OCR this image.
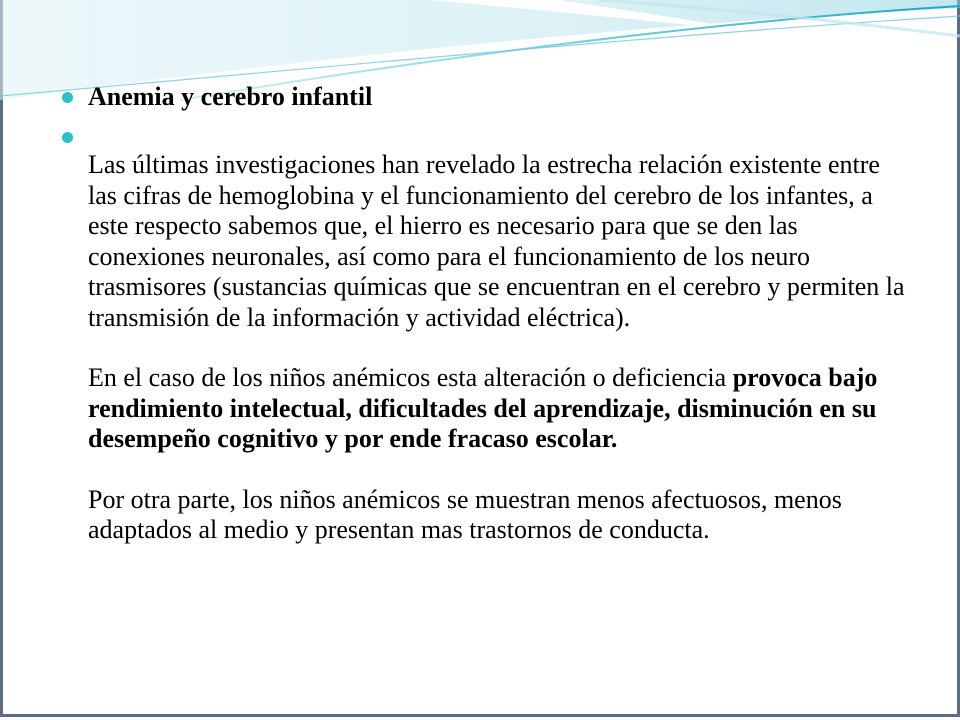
Anemia y cerebro infantil

Las últimas investigaciones han revelado la estrecha relación existente entre las cifras de hemoglobina y el funcionamiento del cerebro de los infantes, a este respecto sabemos que, el hierro es necesario para que se den las conexiones neuronales, así como para el funcionamiento de los neuro trasmisores (sustancias químicas que se encuentran en el cerebro y permiten la transmisión de la información y actividad eléctrica).

En el caso de los niños anémicos esta alteración o deficiencia provoca bajo rendimiento intelectual, dificultades del aprendizaje, disminución en su desempeño cognitivo y por ende fracaso escolar.

Por otra parte, los niños anémicos se muestran menos afectuosos, menos adaptados al medio y presentan mas trastornos de conducta.
